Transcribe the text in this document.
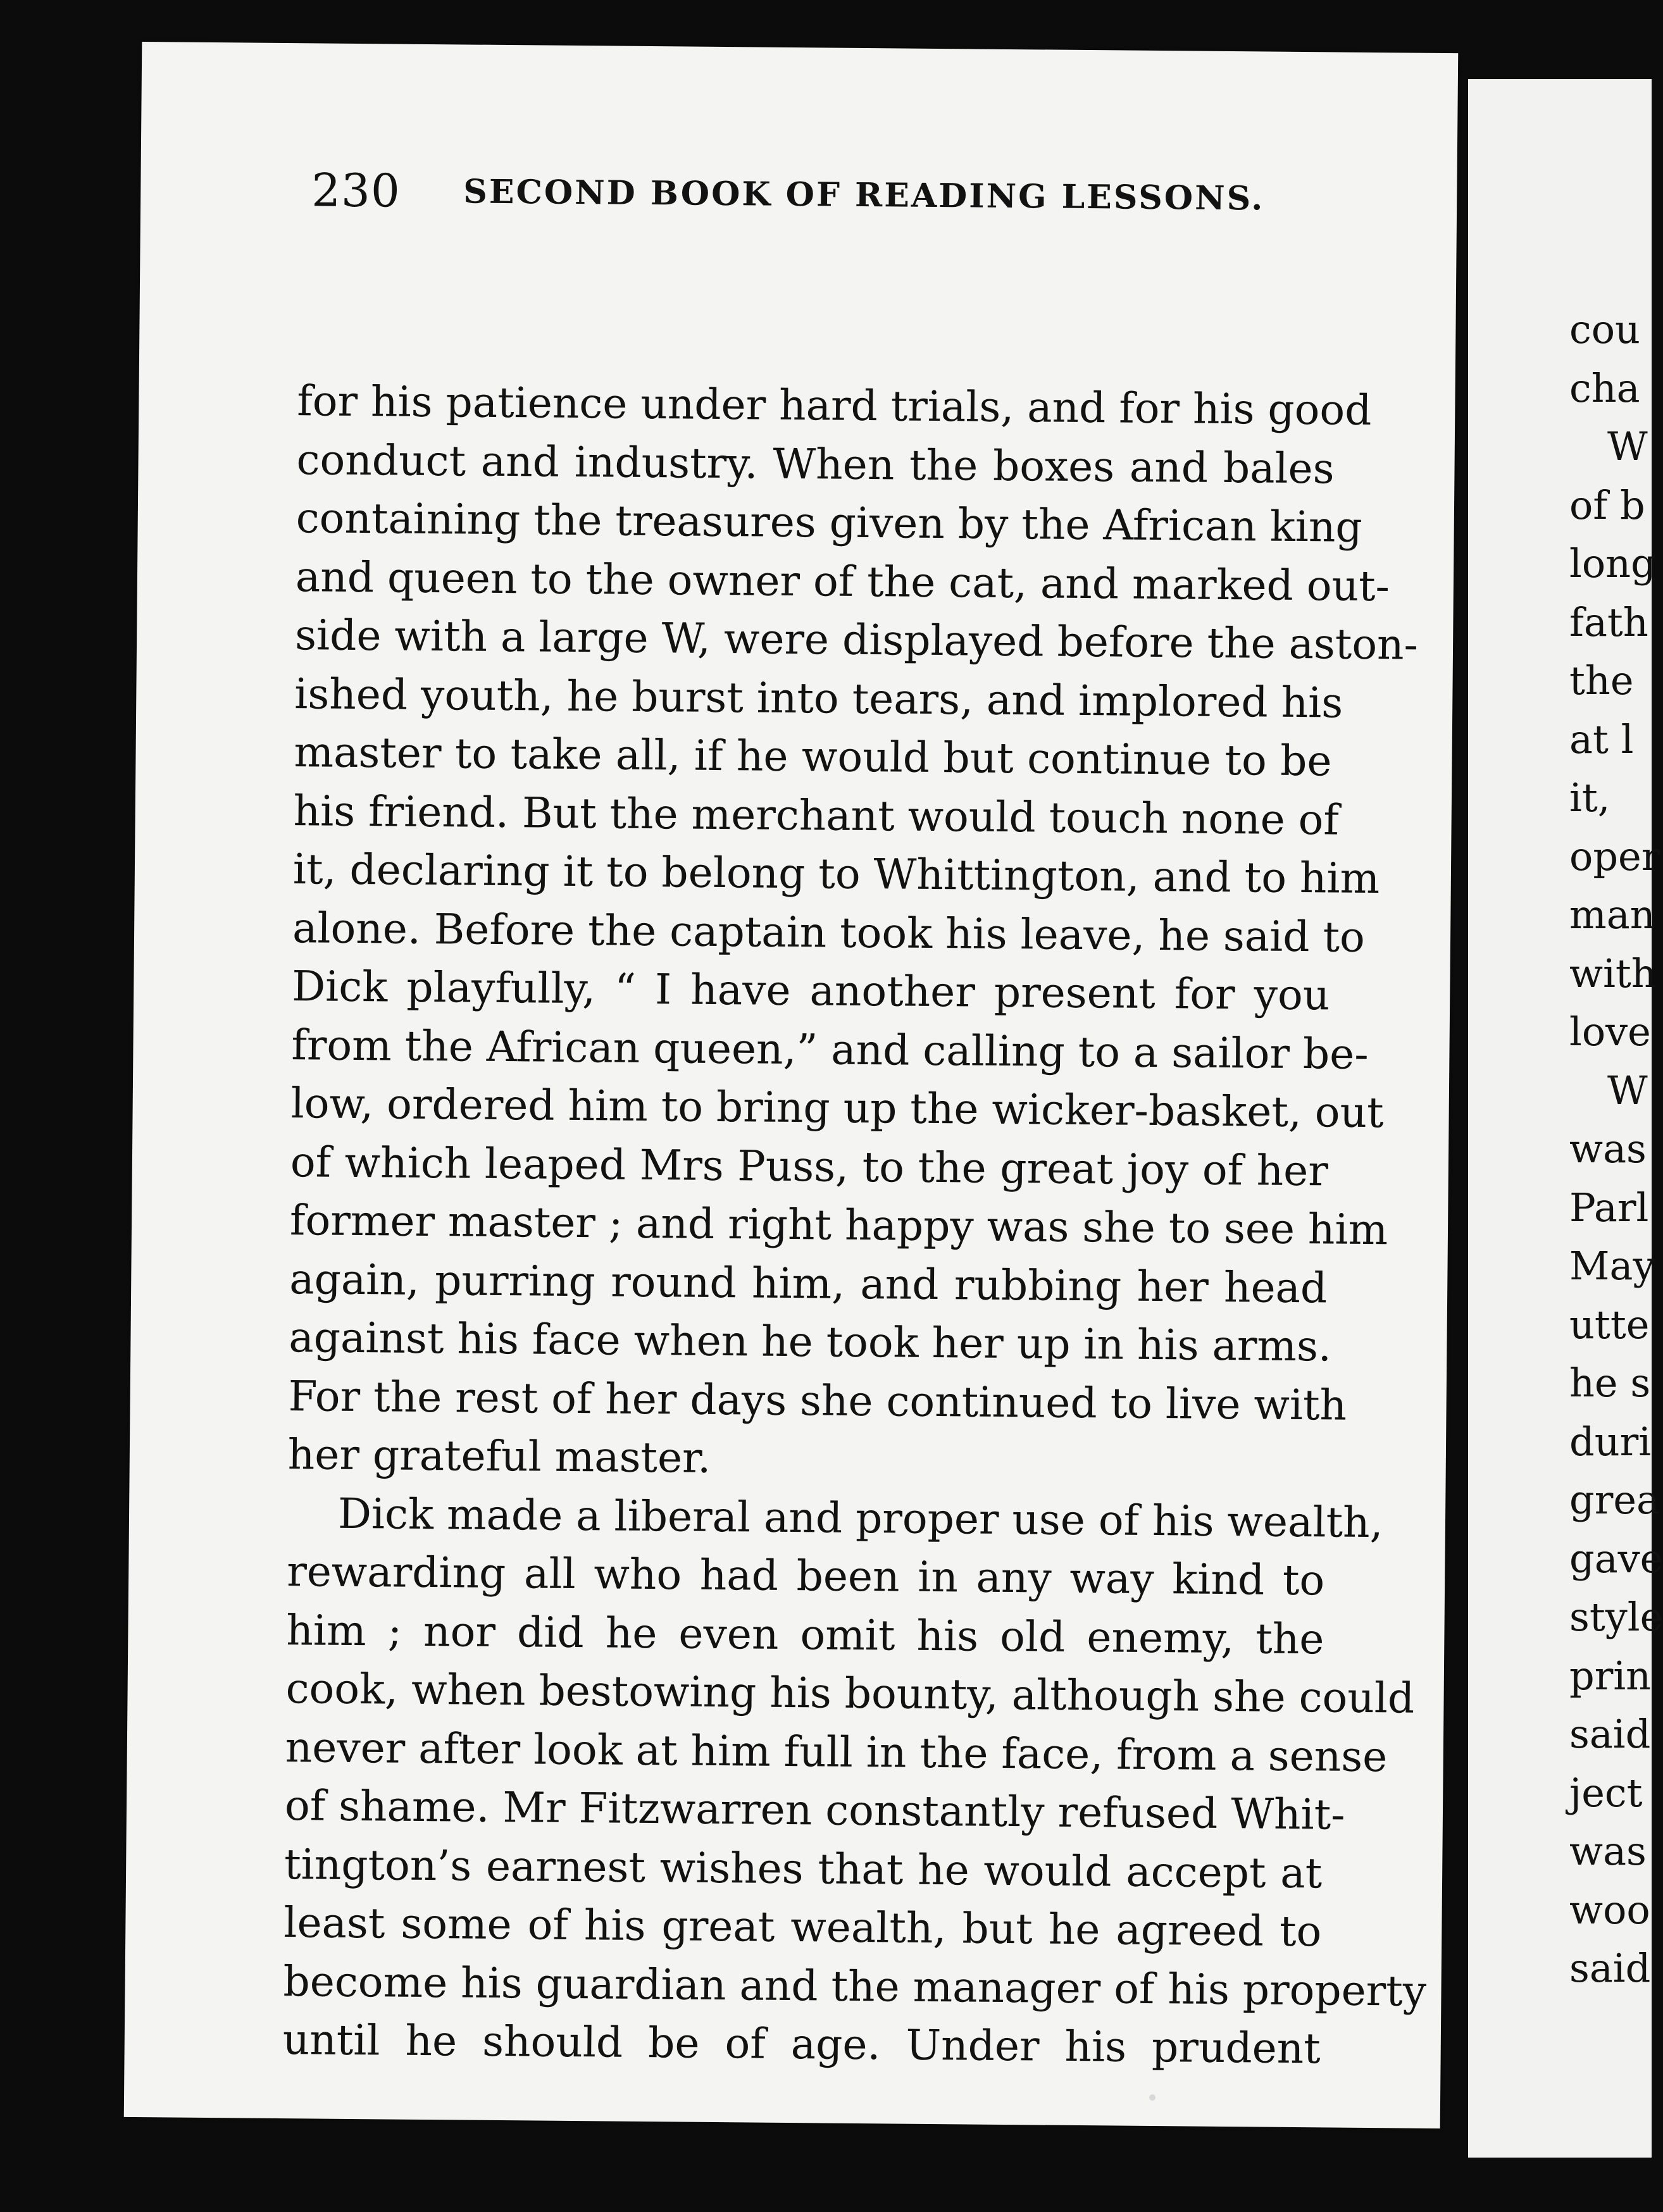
230 SECOND BOOK OF READING LESSONS.
for his patience under hard trials, and for his good
conduct and industry. When the boxes and bales
containing the treasures given by the African king
and queen to the owner of the cat, and marked out-
side with a large W, were displayed before the aston-
ished youth, he burst into tears, and implored his
master to take all, if he would but continue to be
his friend. But the merchant would touch none of
it, declaring it to belong to Whittington, and to him
alone. Before the captain took his leave, he said to
Dick playfully, “ I have another present for you
from the African queen,” and calling to a sailor be-
low, ordered him to bring up the wicker-basket, out
of which leaped Mrs Puss, to the great joy of her
former master ; and right happy was she to see him
again, purring round him, and rubbing her head
against his face when he took her up in his arms.
For the rest of her days she continued to live with
her grateful master.
Dick made a liberal and proper use of his wealth,
rewarding all who had been in any way kind to
him ; nor did he even omit his old enemy, the
cook, when bestowing his bounty, although she could
never after look at him full in the face, from a sense
of shame. Mr Fitzwarren constantly refused Whit-
tington’s earnest wishes that he would accept at
least some of his great wealth, but he agreed to
become his guardian and the manager of his property
until he should be of age. Under his prudent
cou
cha
W
of b
long
fath
the
at l
it,
oper
man
with
love
W
was
Parl
May
utte
he s
duri
grea
gave
style
prin
said
ject
was
woo
said
